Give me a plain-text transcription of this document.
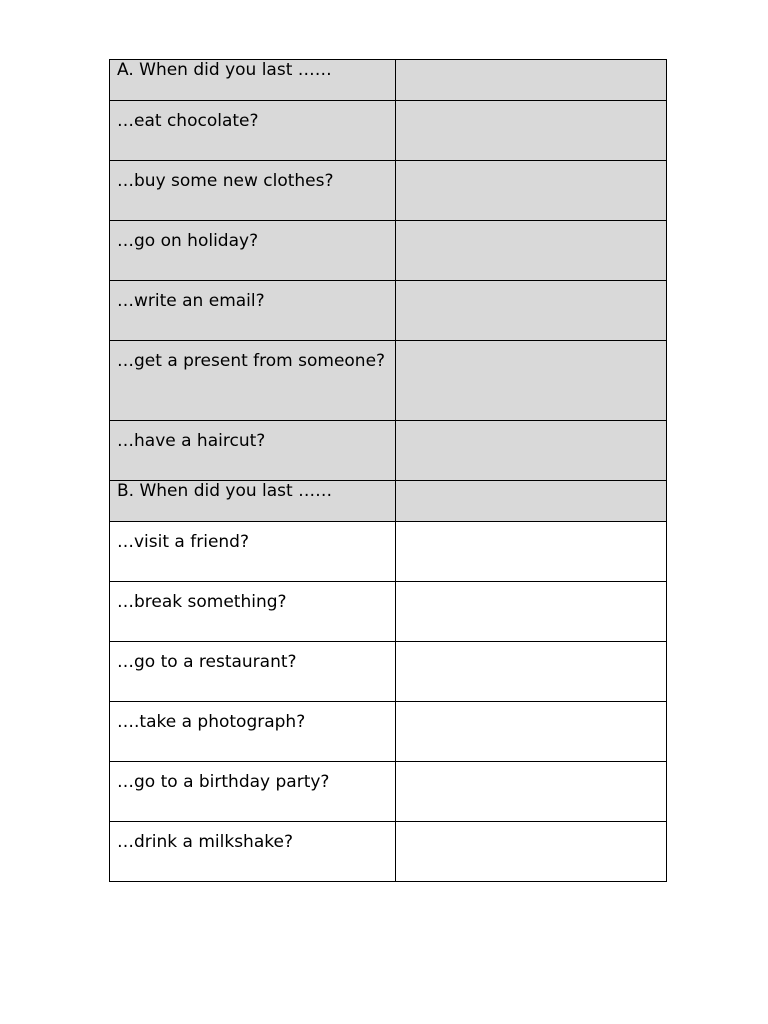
A. When did you last ……	

…eat chocolate?	

…buy some new clothes?	

…go on holiday?	

…write an email?	

…get a present from someone?	

…have a haircut?	

B. When did you last ……	

…visit a friend?	

…break something?	

…go to a restaurant?	

….take a photograph?	

…go to a birthday party?	

…drink a milkshake?	
